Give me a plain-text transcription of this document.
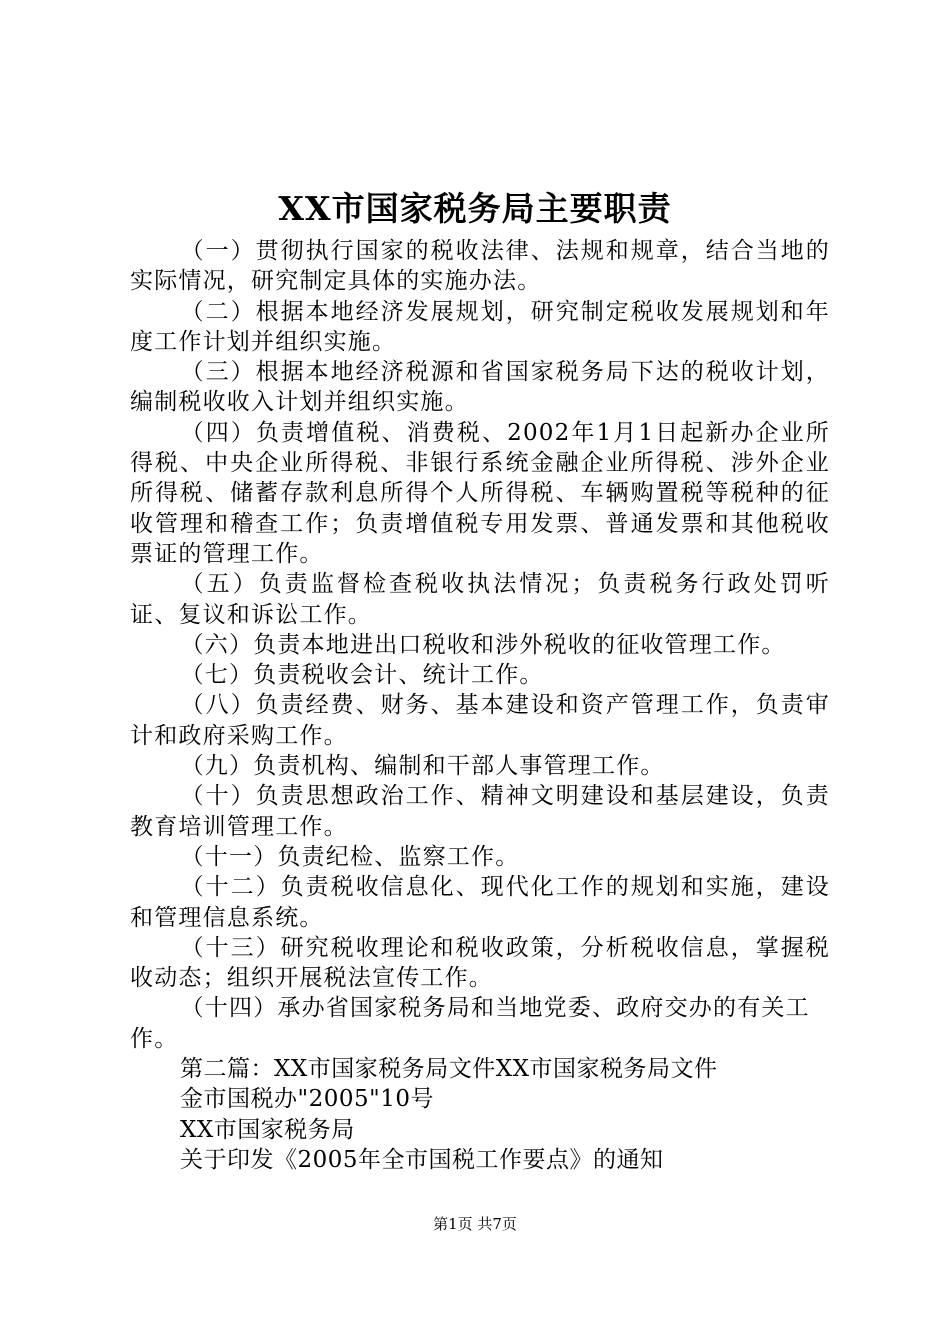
XX市国家税务局主要职责

（一）贯彻执行国家的税收法律、法规和规章，结合当地的实际情况，研究制定具体的实施办法。

（二）根据本地经济发展规划，研究制定税收发展规划和年度工作计划并组织实施。

（三）根据本地经济税源和省国家税务局下达的税收计划，编制税收收入计划并组织实施。

（四）负责增值税、消费税、2002年1月1日起新办企业所得税、中央企业所得税、非银行系统金融企业所得税、涉外企业所得税、储蓄存款利息所得个人所得税、车辆购置税等税种的征收管理和稽查工作；负责增值税专用发票、普通发票和其他税收票证的管理工作。

（五）负责监督检查税收执法情况；负责税务行政处罚听证、复议和诉讼工作。

（六）负责本地进出口税收和涉外税收的征收管理工作。

（七）负责税收会计、统计工作。

（八）负责经费、财务、基本建设和资产管理工作，负责审计和政府采购工作。

（九）负责机构、编制和干部人事管理工作。

（十）负责思想政治工作、精神文明建设和基层建设，负责教育培训管理工作。

（十一）负责纪检、监察工作。

（十二）负责税收信息化、现代化工作的规划和实施，建设和管理信息系统。

（十三）研究税收理论和税收政策，分析税收信息，掌握税收动态；组织开展税法宣传工作。

（十四）承办省国家税务局和当地党委、政府交办的有关工作。

第二篇：XX市国家税务局文件XX市国家税务局文件

金市国税办"2005"10号

XX市国家税务局

关于印发《2005年全市国税工作要点》的通知

第1页 共7页
